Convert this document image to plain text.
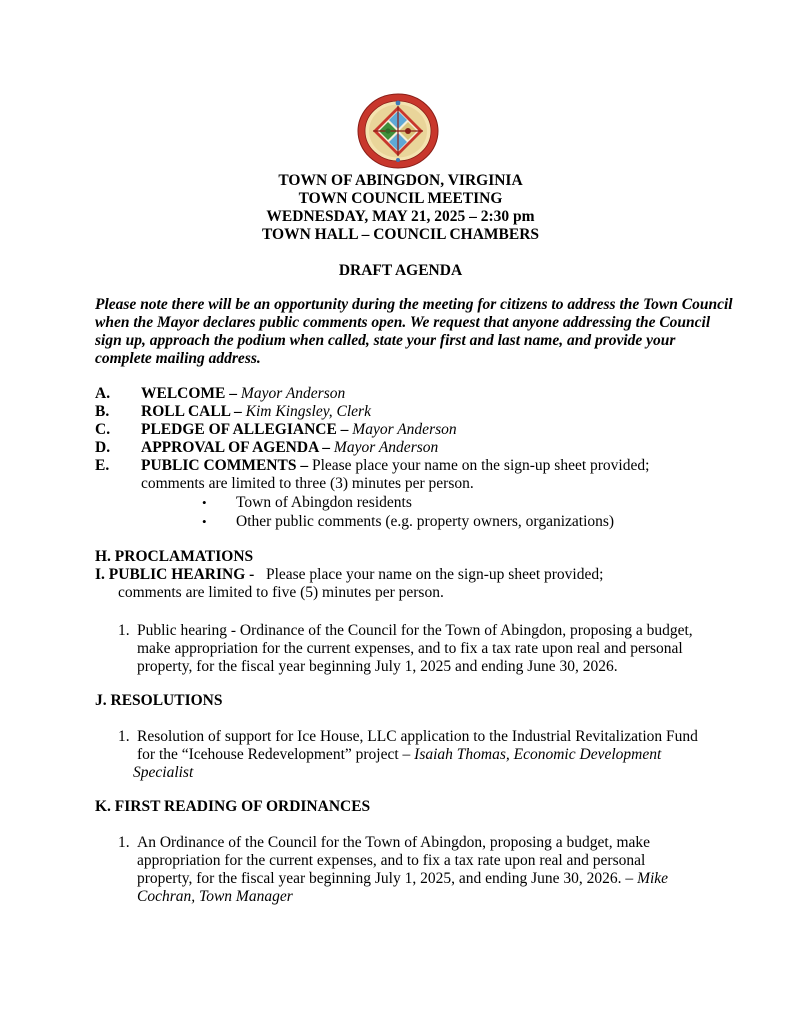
TOWN OF ABINGDON, VIRGINIA
TOWN COUNCIL MEETING
WEDNESDAY, MAY 21, 2025 – 2:30 pm
TOWN HALL – COUNCIL CHAMBERS
DRAFT AGENDA
Please note there will be an opportunity during the meeting for citizens to address the Town Council when the Mayor declares public comments open. We request that anyone addressing the Council sign up, approach the podium when called, state your first and last name, and provide your complete mailing address.
A. WELCOME – Mayor Anderson
B. ROLL CALL – Kim Kingsley, Clerk
C. PLEDGE OF ALLEGIANCE – Mayor Anderson
D. APPROVAL OF AGENDA – Mayor Anderson
E. PUBLIC COMMENTS – Please place your name on the sign-up sheet provided;
comments are limited to three (3) minutes per person.
• Town of Abingdon residents
• Other public comments (e.g. property owners, organizations)
H. PROCLAMATIONS
I. PUBLIC HEARING - Please place your name on the sign-up sheet provided;
comments are limited to five (5) minutes per person.
1. Public hearing - Ordinance of the Council for the Town of Abingdon, proposing a budget,
make appropriation for the current expenses, and to fix a tax rate upon real and personal
property, for the fiscal year beginning July 1, 2025 and ending June 30, 2026.
J. RESOLUTIONS
1. Resolution of support for Ice House, LLC application to the Industrial Revitalization Fund
for the “Icehouse Redevelopment” project – Isaiah Thomas, Economic Development
Specialist
K. FIRST READING OF ORDINANCES
1. An Ordinance of the Council for the Town of Abingdon, proposing a budget, make
appropriation for the current expenses, and to fix a tax rate upon real and personal
property, for the fiscal year beginning July 1, 2025, and ending June 30, 2026. – Mike
Cochran, Town Manager
